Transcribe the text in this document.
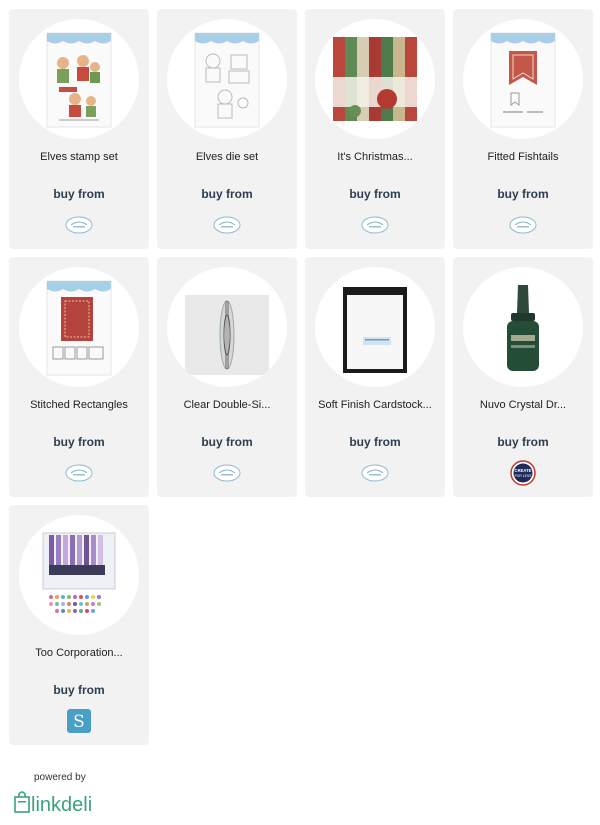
Elves stamp set
buy from
Elves die set
buy from
It's Christmas...
buy from
Fitted Fishtails
buy from
Stitched Rectangles
buy from
Clear Double-Si...
buy from
Soft Finish Cardstock...
buy from
Nuvo Crystal Dr...
buy from
CREATE
FOR LESS
Too Corporation...
buy from
S
powered by
linkdeli
